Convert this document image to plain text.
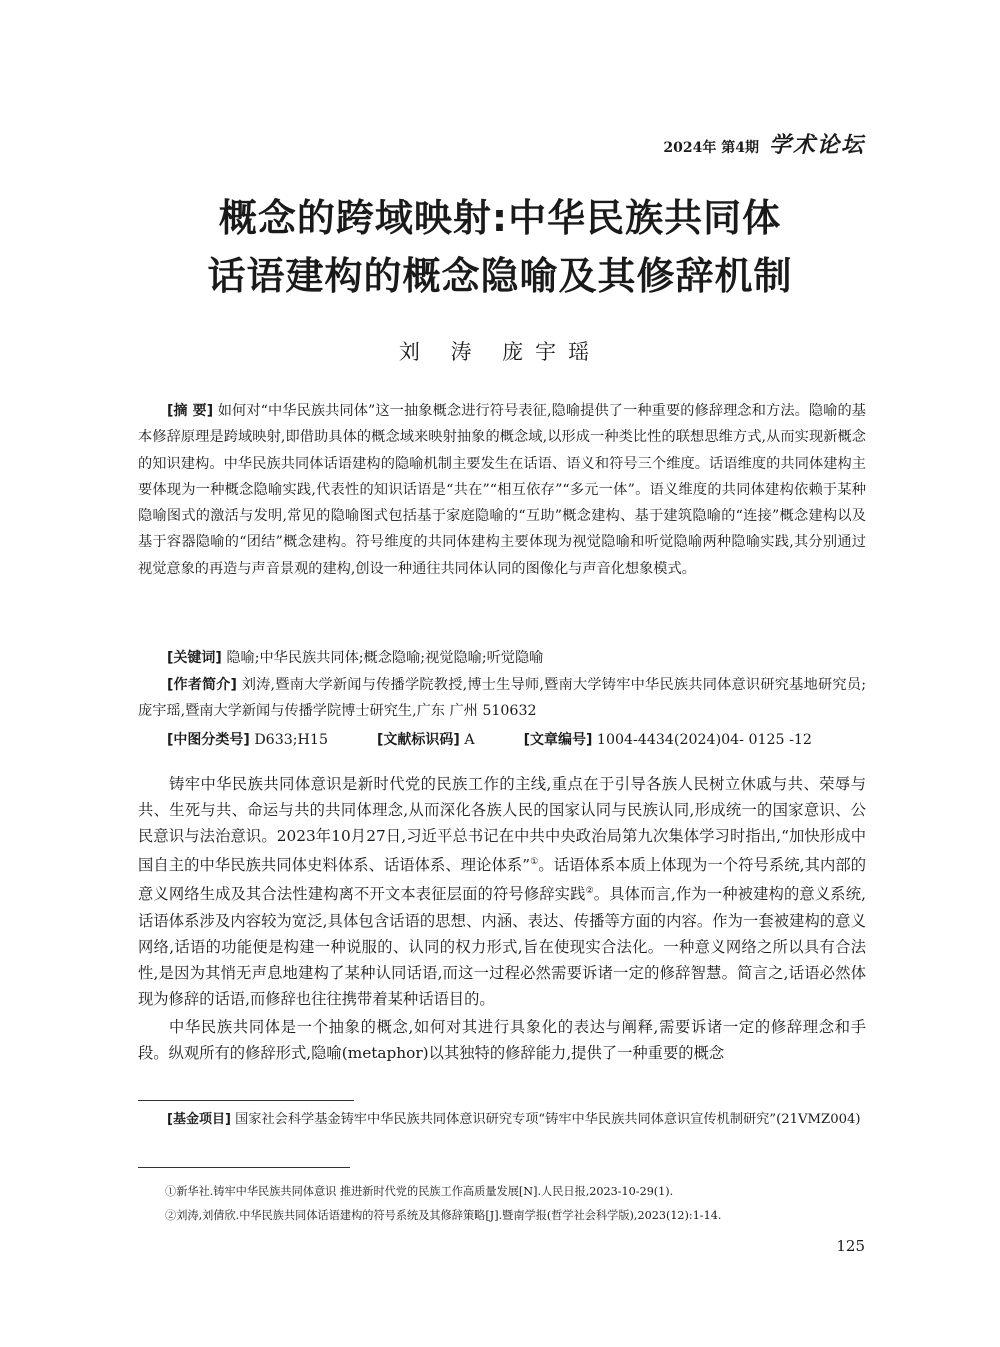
2024年 第4期 学术论坛
概念的跨域映射:中华民族共同体
话语建构的概念隐喻及其修辞机制
刘 涛 庞宇瑶
[摘 要] 如何对“中华民族共同体”这一抽象概念进行符号表征,隐喻提供了一种重要的修辞理念和方法。隐喻的基本修辞原理是跨域映射,即借助具体的概念域来映射抽象的概念域,以形成一种类比性的联想思维方式,从而实现新概念的知识建构。中华民族共同体话语建构的隐喻机制主要发生在话语、语义和符号三个维度。话语维度的共同体建构主要体现为一种概念隐喻实践,代表性的知识话语是“共在”“相互依存”“多元一体”。语义维度的共同体建构依赖于某种隐喻图式的激活与发明,常见的隐喻图式包括基于家庭隐喻的“互助”概念建构、基于建筑隐喻的“连接”概念建构以及基于容器隐喻的“团结”概念建构。符号维度的共同体建构主要体现为视觉隐喻和听觉隐喻两种隐喻实践,其分别通过视觉意象的再造与声音景观的建构,创设一种通往共同体认同的图像化与声音化想象模式。
[关键词] 隐喻;中华民族共同体;概念隐喻;视觉隐喻;听觉隐喻
[作者简介] 刘涛,暨南大学新闻与传播学院教授,博士生导师,暨南大学铸牢中华民族共同体意识研究基地研究员;庞宇瑶,暨南大学新闻与传播学院博士研究生,广东 广州 510632
[中图分类号] D633;H15	[文献标识码] A	[文章编号] 1004-4434(2024)04- 0125 -12

铸牢中华民族共同体意识是新时代党的民族工作的主线,重点在于引导各族人民树立休戚与共、荣辱与共、生死与共、命运与共的共同体理念,从而深化各族人民的国家认同与民族认同,形成统一的国家意识、公民意识与法治意识。2023年10月27日,习近平总书记在中共中央政治局第九次集体学习时指出,“加快形成中国自主的中华民族共同体史料体系、话语体系、理论体系”①。话语体系本质上体现为一个符号系统,其内部的意义网络生成及其合法性建构离不开文本表征层面的符号修辞实践②。具体而言,作为一种被建构的意义系统,话语体系涉及内容较为宽泛,具体包含话语的思想、内涵、表达、传播等方面的内容。作为一套被建构的意义网络,话语的功能便是构建一种说服的、认同的权力形式,旨在使现实合法化。一种意义网络之所以具有合法性,是因为其悄无声息地建构了某种认同话语,而这一过程必然需要诉诸一定的修辞智慧。简言之,话语必然体现为修辞的话语,而修辞也往往携带着某种话语目的。

中华民族共同体是一个抽象的概念,如何对其进行具象化的表达与阐释,需要诉诸一定的修辞理念和手段。纵观所有的修辞形式,隐喻(metaphor)以其独特的修辞能力,提供了一种重要的概念

[基金项目] 国家社会科学基金铸牢中华民族共同体意识研究专项“铸牢中华民族共同体意识宣传机制研究”(21VMZ004)
①新华社.铸牢中华民族共同体意识 推进新时代党的民族工作高质量发展[N].人民日报,2023-10-29(1).
②刘涛,刘倩欣.中华民族共同体话语建构的符号系统及其修辞策略[J].暨南学报(哲学社会科学版),2023(12):1-14.
125
